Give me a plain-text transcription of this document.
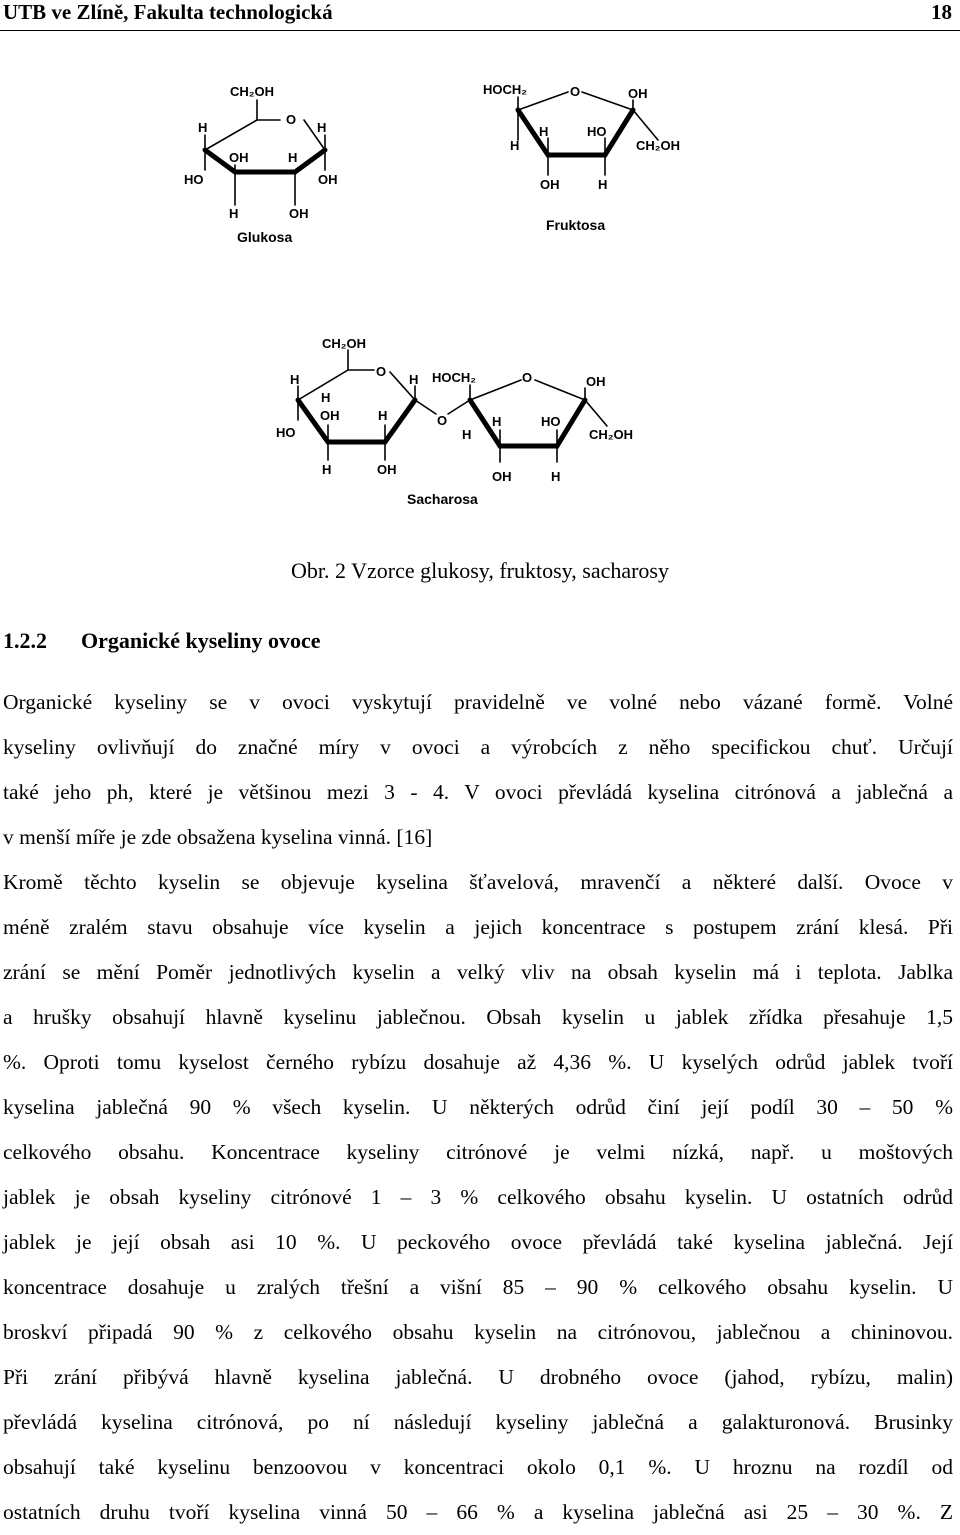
UTB ve Zlíně, Fakulta technologická	18
CH₂OH
H
O
H
OH	H
HO	OH
H	OH
Glukosa
HOCH₂	O	OH
H	HO
H	CH₂OH
OH	H
Fruktosa
CH₂OH
H
O
H HOCH₂	O	OH
H
OH	H
HO
O	H	HO
H	CH₂OH
H	OH	OH	H
Sacharosa
Obr. 2 Vzorce glukosy, fruktosy, sacharosy
1.2.2 Organické kyseliny ovoce
Organické kyseliny se v ovoci vyskytují pravidelně ve volné nebo vázané formě. Volné
kyseliny ovlivňují do značné míry v ovoci a výrobcích z něho specifickou chuť. Určují
také jeho ph, které je většinou mezi 3 - 4. V ovoci převládá kyselina citrónová a jablečná a
v menší míře je zde obsažena kyselina vinná. [16]
Kromě těchto kyselin se objevuje kyselina šťavelová, mravenčí a některé další. Ovoce v
méně zralém stavu obsahuje více kyselin a jejich koncentrace s postupem zrání klesá. Při
zrání se mění Poměr jednotlivých kyselin a velký vliv na obsah kyselin má i teplota. Jablka
a hrušky obsahují hlavně kyselinu jablečnou. Obsah kyselin u jablek zřídka přesahuje 1,5
%. Oproti tomu kyselost černého rybízu dosahuje až 4,36 %. U kyselých odrůd jablek tvoří
kyselina jablečná 90 % všech kyselin. U některých odrůd činí její podíl 30 – 50 %
celkového obsahu. Koncentrace kyseliny citrónové je velmi nízká, např. u moštových
jablek je obsah kyseliny citrónové 1 – 3 % celkového obsahu kyselin. U ostatních odrůd
jablek je její obsah asi 10 %. U peckového ovoce převládá také kyselina jablečná. Její
koncentrace dosahuje u zralých třešní a višní 85 – 90 % celkového obsahu kyselin. U
broskví připadá 90 % z celkového obsahu kyselin na citrónovou, jablečnou a chininovou.
Při zrání přibývá hlavně kyselina jablečná. U drobného ovoce (jahod, rybízu, malin)
převládá kyselina citrónová, po ní následují kyseliny jablečná a galakturonová. Brusinky
obsahují také kyselinu benzoovou v koncentraci okolo 0,1 %. U hroznu na rozdíl od
ostatních druhu tvoří kyselina vinná 50 – 66 % a kyselina jablečná asi 25 – 30 %. Z
